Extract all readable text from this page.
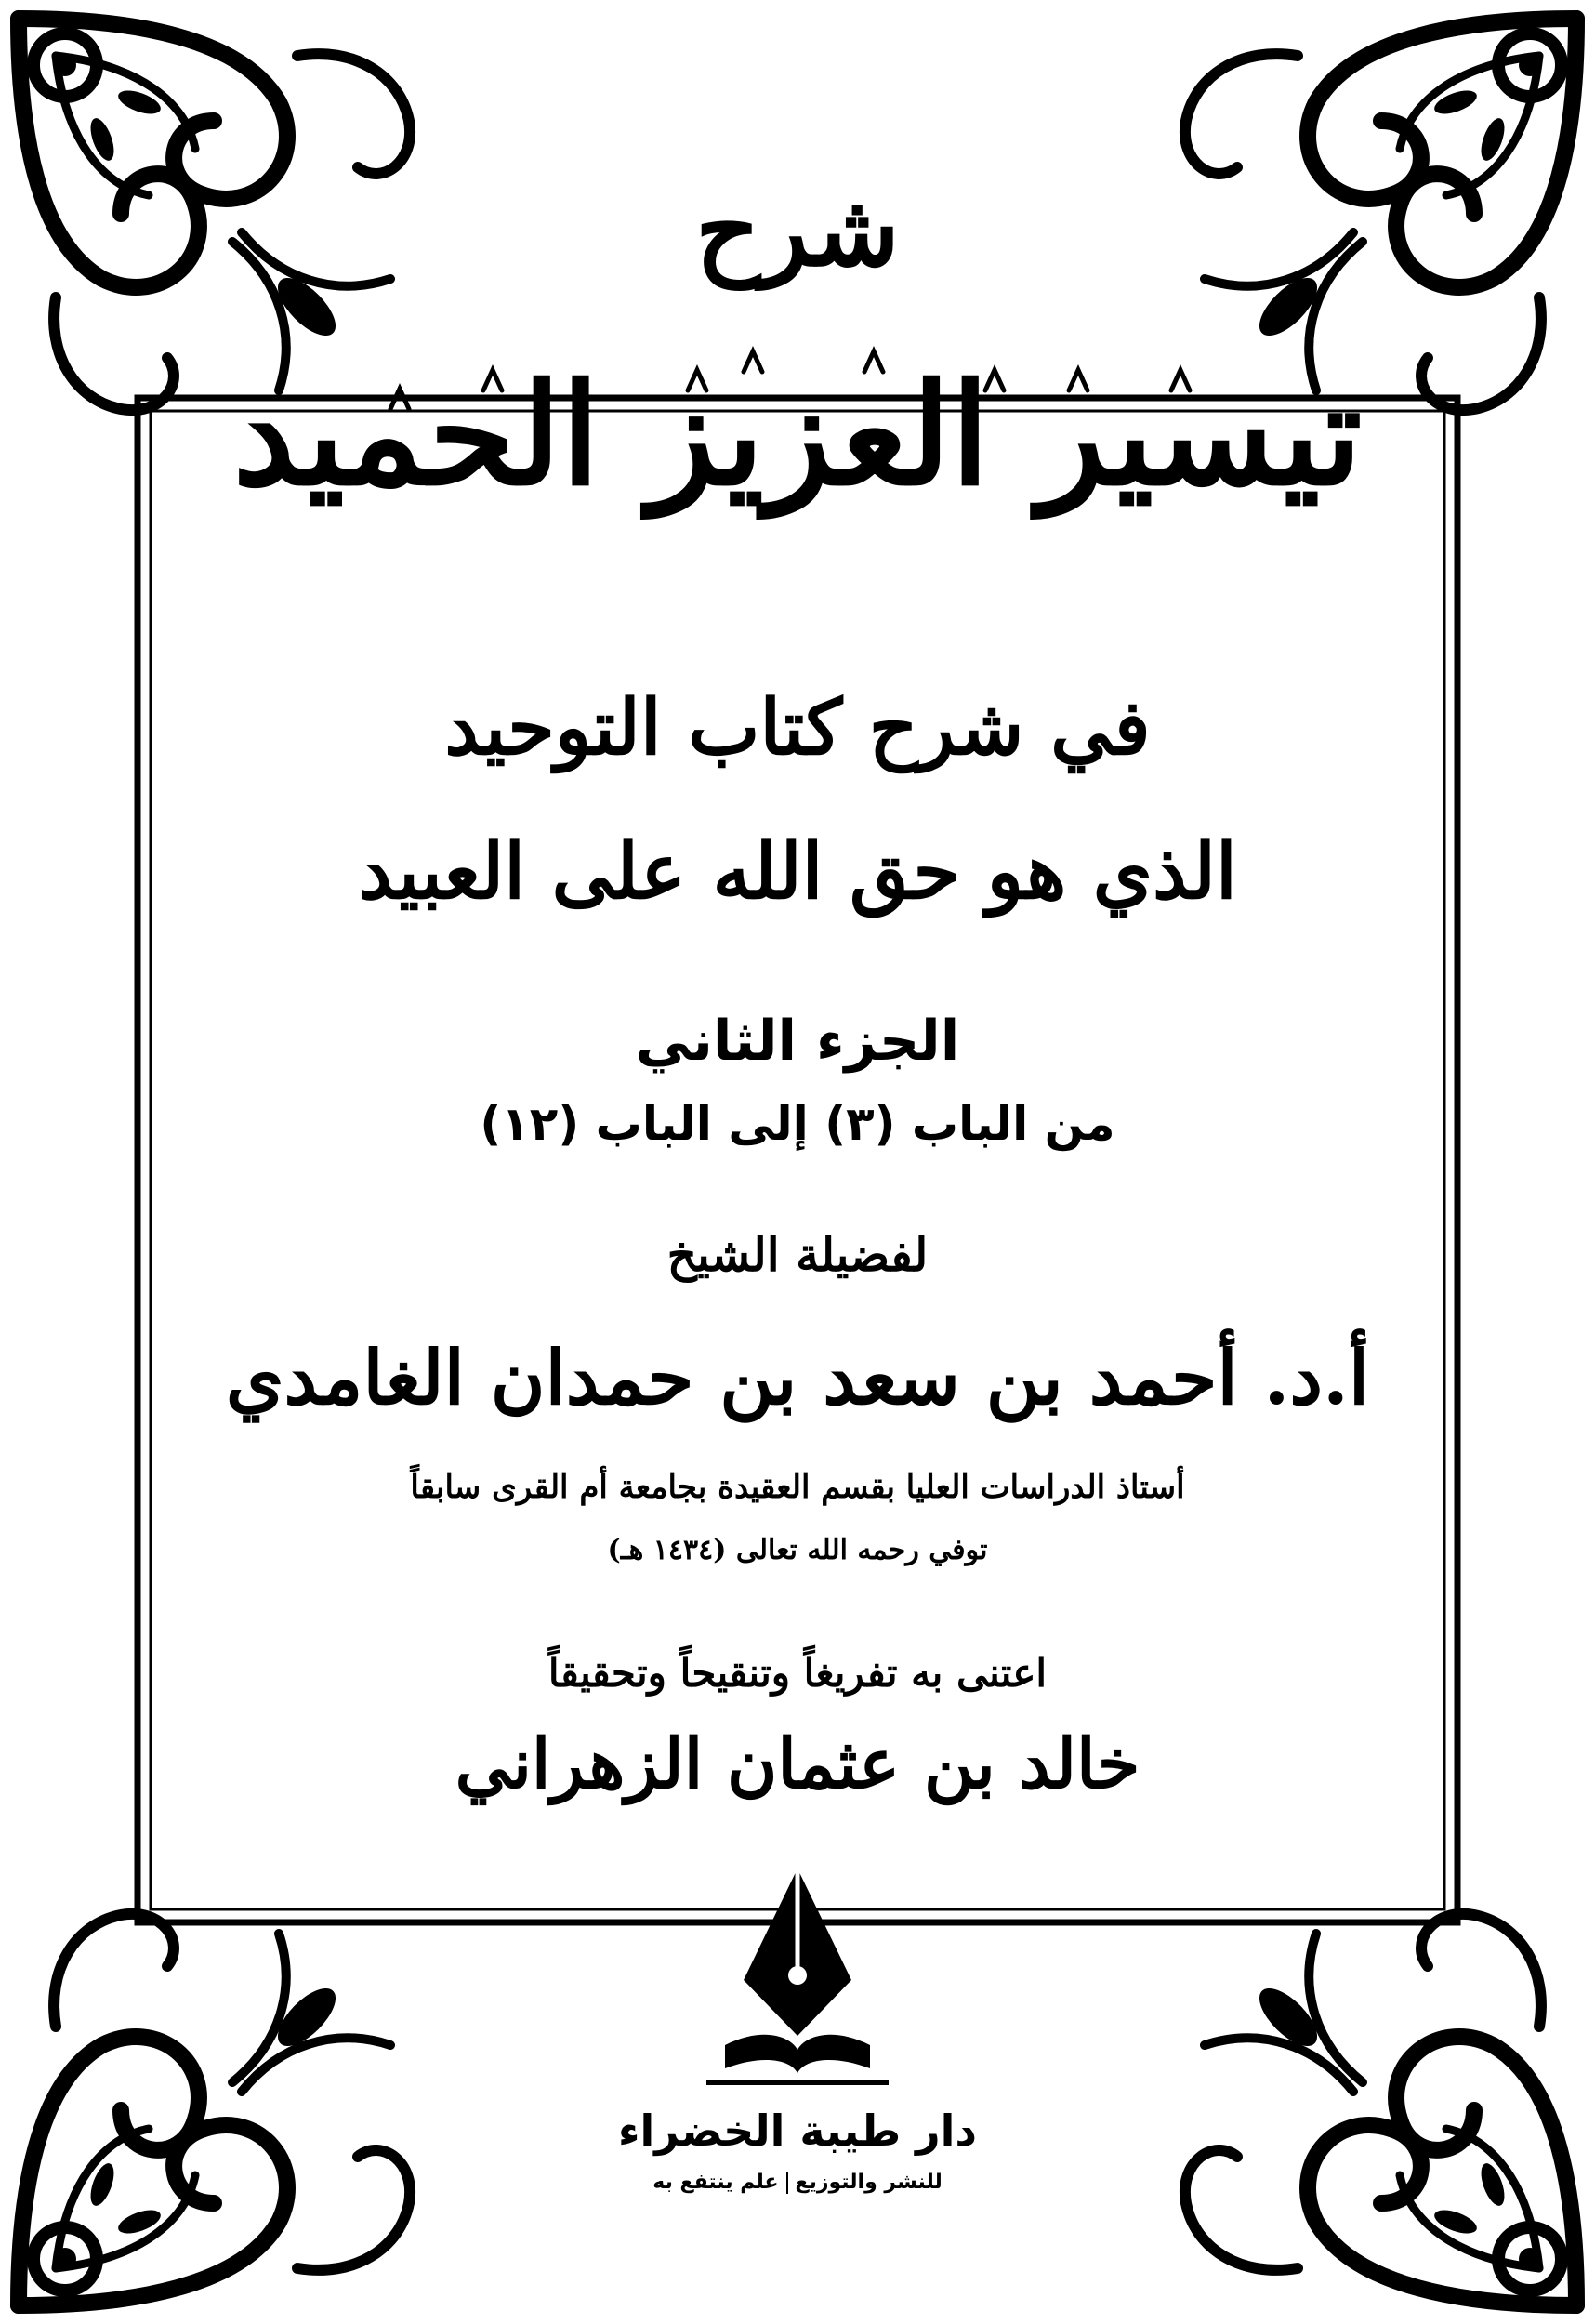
شرح
تيسير العزيز الحميد
في شرح كتاب التوحيد
الذي هو حق الله على العبيد
الجزء الثاني
من الباب (٣) إلى الباب (١٢)
لفضيلة الشيخ
أ.د. أحمد بن سعد بن حمدان الغامدي
أستاذ الدراسات العليا بقسم العقيدة بجامعة أم القرى سابقاً
توفي رحمه الله تعالى (١٤٣٤ هـ)
اعتنى به تفريغاً وتنقيحاً وتحقيقاً
خالد بن عثمان الزهراني
دار طيبة الخضراء
للنشر والتوزيععلم ينتفع به
